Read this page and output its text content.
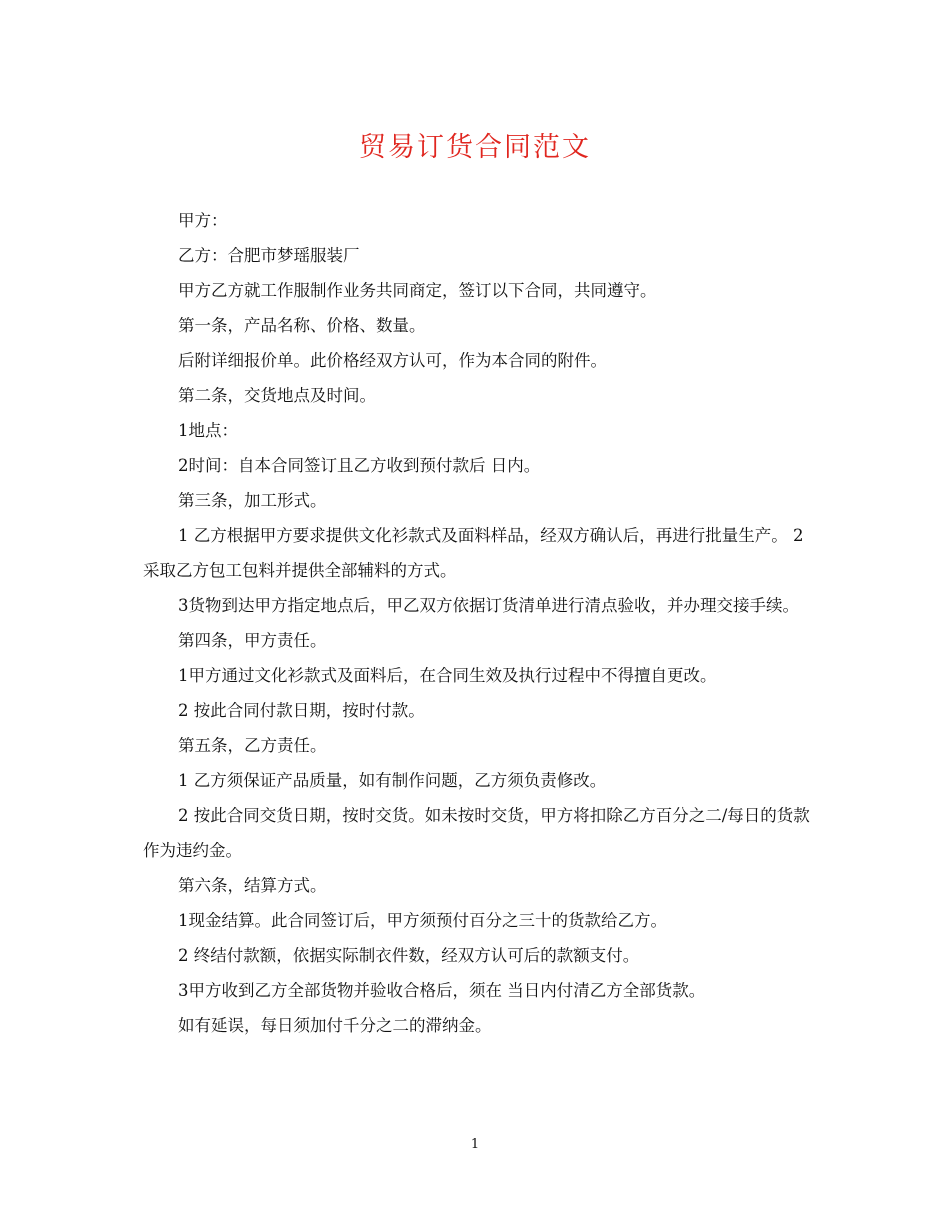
贸易订货合同范文

甲方：

乙方：合肥市梦瑶服装厂

甲方乙方就工作服制作业务共同商定，签订以下合同，共同遵守。

第一条，产品名称、价格、数量。

后附详细报价单。此价格经双方认可，作为本合同的附件。

第二条，交货地点及时间。

1地点：

2时间：自本合同签订且乙方收到预付款后 日内。

第三条，加工形式。

1 乙方根据甲方要求提供文化衫款式及面料样品，经双方确认后，再进行批量生产。 2 采取乙方包工包料并提供全部辅料的方式。

3货物到达甲方指定地点后，甲乙双方依据订货清单进行清点验收，并办理交接手续。

第四条，甲方责任。

1甲方通过文化衫款式及面料后，在合同生效及执行过程中不得擅自更改。

2 按此合同付款日期，按时付款。

第五条，乙方责任。

1 乙方须保证产品质量，如有制作问题，乙方须负责修改。

2 按此合同交货日期，按时交货。如未按时交货，甲方将扣除乙方百分之二/每日的货款作为违约金。

第六条，结算方式。

1现金结算。此合同签订后，甲方须预付百分之三十的货款给乙方。

2 终结付款额，依据实际制衣件数，经双方认可后的款额支付。

3甲方收到乙方全部货物并验收合格后，须在 当日内付清乙方全部货款。

如有延误，每日须加付千分之二的滞纳金。

1
